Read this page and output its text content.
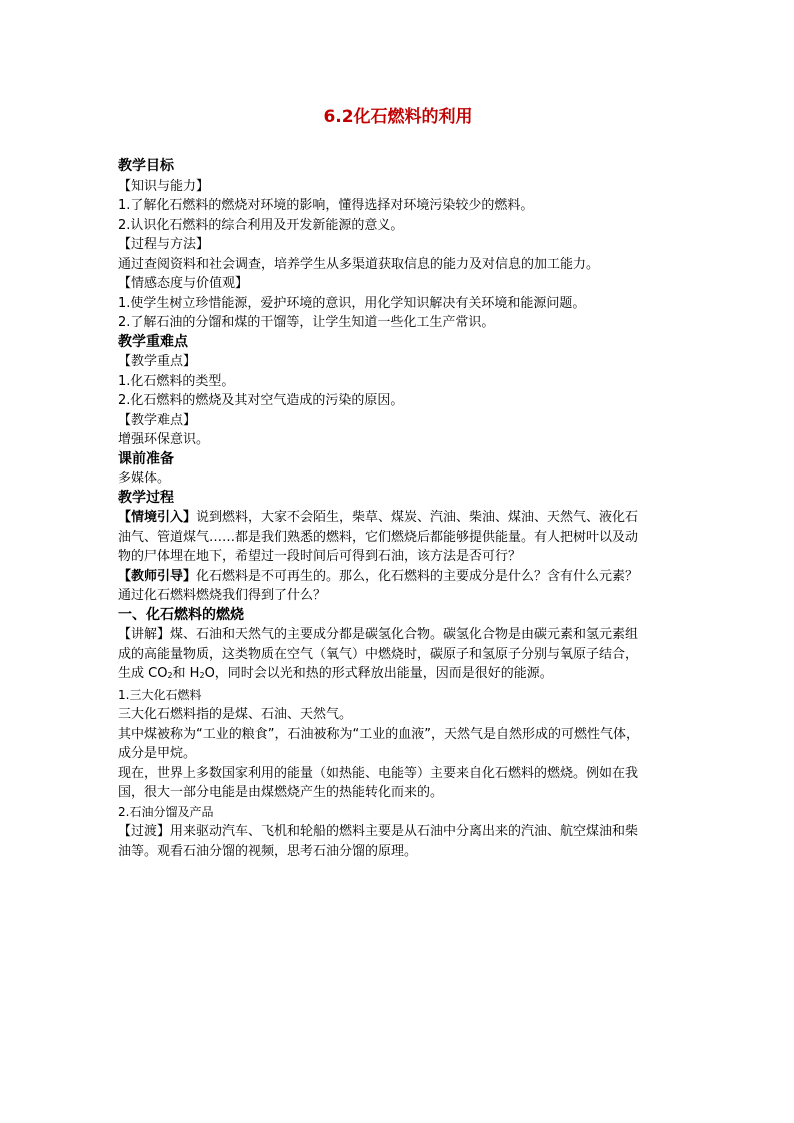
6.2化石燃料的利用
教学目标
【知识与能力】
1.了解化石燃料的燃烧对环境的影响，懂得选择对环境污染较少的燃料。
2.认识化石燃料的综合利用及开发新能源的意义。
【过程与方法】
通过查阅资料和社会调查，培养学生从多渠道获取信息的能力及对信息的加工能力。
【情感态度与价值观】
1.使学生树立珍惜能源，爱护环境的意识，用化学知识解决有关环境和能源问题。
2.了解石油的分馏和煤的干馏等，让学生知道一些化工生产常识。
教学重难点
【教学重点】
1.化石燃料的类型。
2.化石燃料的燃烧及其对空气造成的污染的原因。
【教学难点】
增强环保意识。
课前准备
多媒体。
教学过程
【情境引入】说到燃料，大家不会陌生，柴草、煤炭、汽油、柴油、煤油、天然气、液化石
油气、管道煤气……都是我们熟悉的燃料，它们燃烧后都能够提供能量。有人把树叶以及动
物的尸体埋在地下，希望过一段时间后可得到石油，该方法是否可行？
【教师引导】化石燃料是不可再生的。那么，化石燃料的主要成分是什么？含有什么元素？
通过化石燃料燃烧我们得到了什么？
一、化石燃料的燃烧
【讲解】煤、石油和天然气的主要成分都是碳氢化合物。碳氢化合物是由碳元素和氢元素组
成的高能量物质，这类物质在空气（氧气）中燃烧时，碳原子和氢原子分别与氧原子结合，
生成 $CO_2$和 $H_2O$，同时会以光和热的形式释放出能量，因而是很好的能源。
1.三大化石燃料
三大化石燃料指的是煤、石油、天然气。
其中煤被称为“工业的粮食”，石油被称为“工业的血液”，天然气是自然形成的可燃性气体，
成分是甲烷。
现在，世界上多数国家利用的能量（如热能、电能等）主要来自化石燃料的燃烧。例如在我
国，很大一部分电能是由煤燃烧产生的热能转化而来的。
2.石油分馏及产品
【过渡】用来驱动汽车、飞机和轮船的燃料主要是从石油中分离出来的汽油、航空煤油和柴
油等。观看石油分馏的视频，思考石油分馏的原理。
